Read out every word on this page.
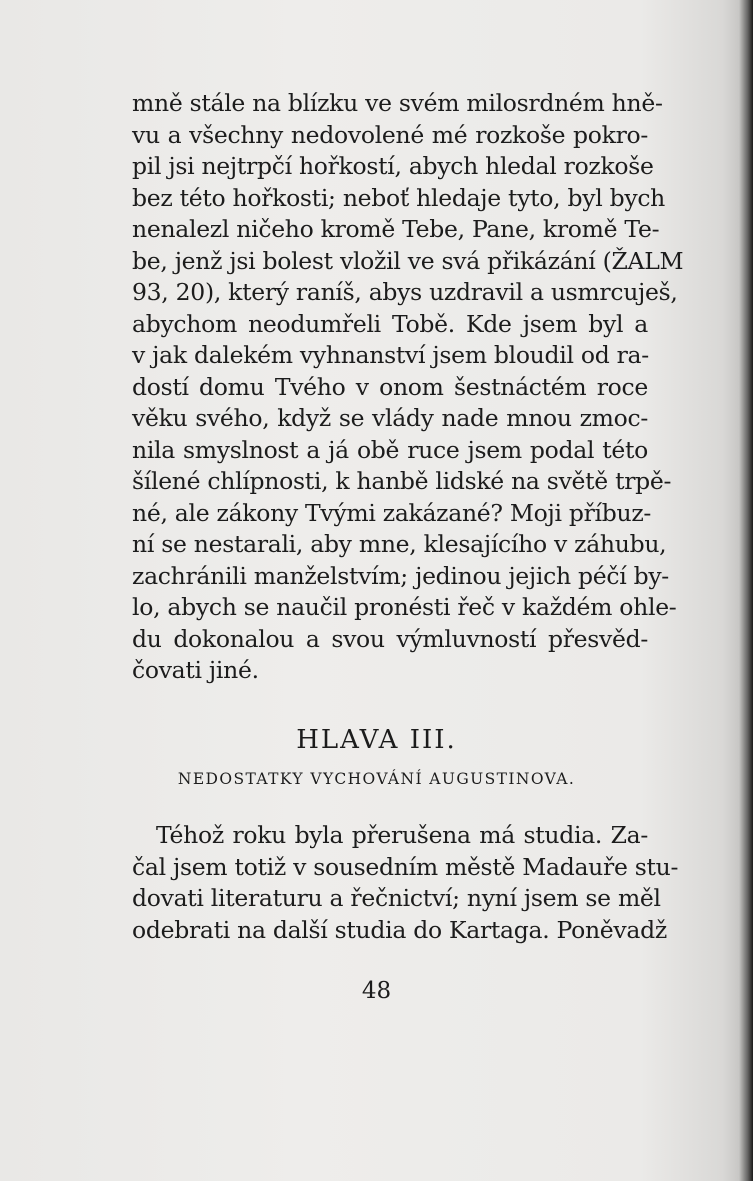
mně stále na blízku ve svém milosrdném hně-
vu a všechny nedovolené mé rozkoše pokro-
pil jsi nejtrpčí hořkostí, abych hledal rozkoše
bez této hořkosti; neboť hledaje tyto, byl bych
nenalezl ničeho kromě Tebe, Pane, kromě Te-
be, jenž jsi bolest vložil ve svá přikázání (ŽALM
93, 20), který raníš, abys uzdravil a usmrcuješ,
abychom neodumřeli Tobě. Kde jsem byl a
v jak dalekém vyhnanství jsem bloudil od ra-
dostí domu Tvého v onom šestnáctém roce
věku svého, když se vlády nade mnou zmoc-
nila smyslnost a já obě ruce jsem podal této
šílené chlípnosti, k hanbě lidské na světě trpě-
né, ale zákony Tvými zakázané? Moji příbuz-
ní se nestarali, aby mne, klesajícího v záhubu,
zachránili manželstvím; jedinou jejich péčí by-
lo, abych se naučil pronésti řeč v každém ohle-
du dokonalou a svou výmluvností přesvěd-
čovati jiné.
HLAVA III.
NEDOSTATKY VYCHOVÁNÍ AUGUSTINOVA.
Téhož roku byla přerušena má studia. Za-
čal jsem totiž v sousedním městě Madauře stu-
dovati literaturu a řečnictví; nyní jsem se měl
odebrati na další studia do Kartaga. Poněvadž
48
